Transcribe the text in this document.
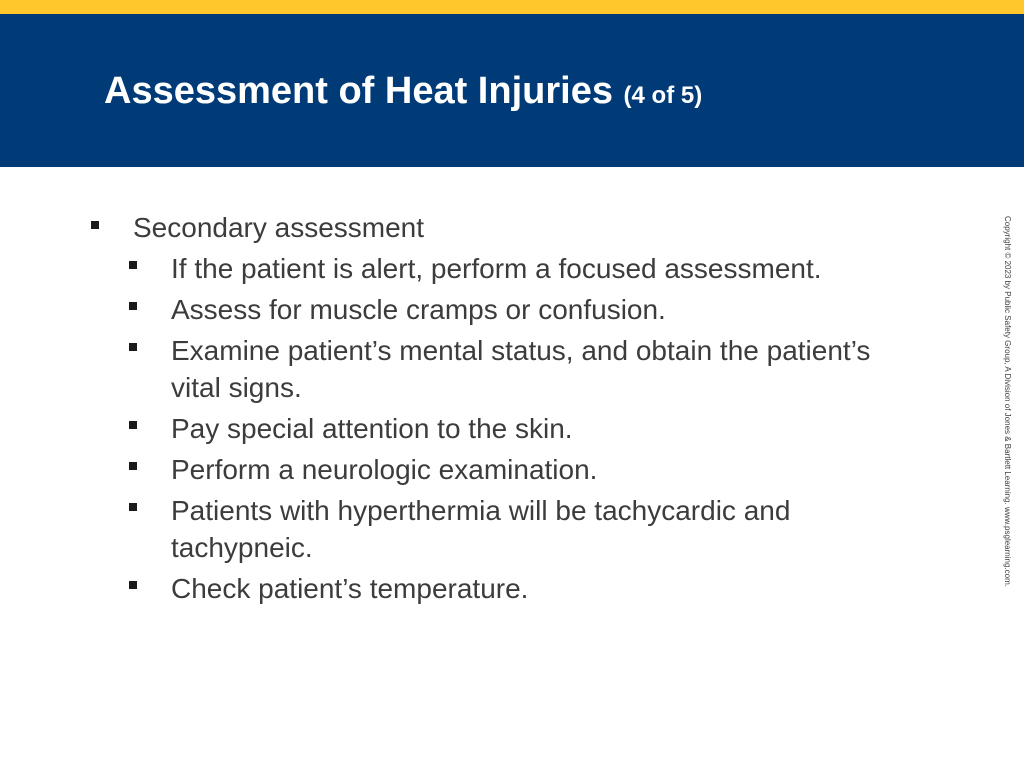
Assessment of Heat Injuries (4 of 5)
Secondary assessment
If the patient is alert, perform a focused assessment.
Assess for muscle cramps or confusion.
Examine patient’s mental status, and obtain the patient’s vital signs.
Pay special attention to the skin.
Perform a neurologic examination.
Patients with hyperthermia will be tachycardic and tachypneic.
Check patient’s temperature.
Copyright © 2023 by Public Safety Group, A Division of Jones & Bartlett Learning. www.psglearning.com.
